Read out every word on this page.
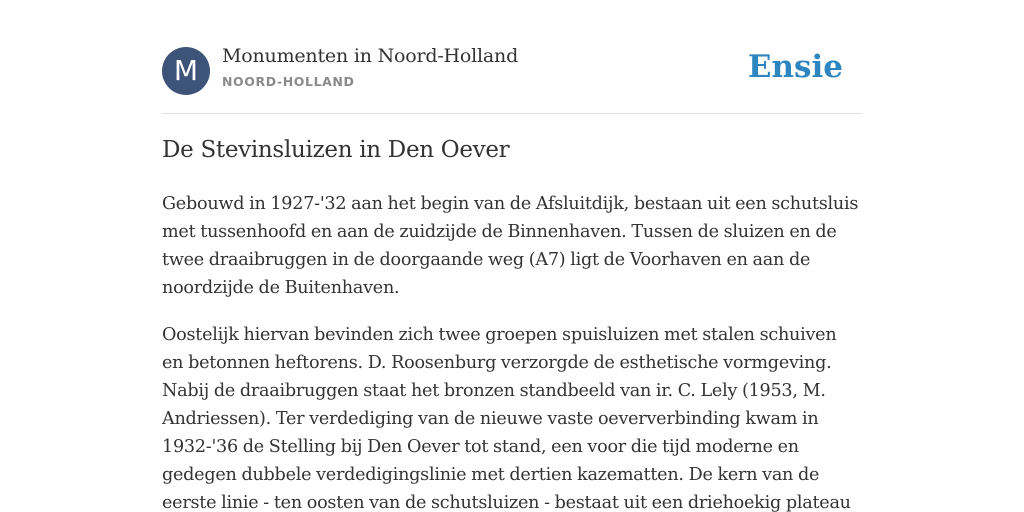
M	Monumenten in Noord-Holland
NOORD-HOLLAND	Ensie
De Stevinsluizen in Den Oever

Gebouwd in 1927-'32 aan het begin van de Afsluitdijk, bestaan uit een schutsluis met tussenhoofd en aan de zuidzijde de Binnenhaven. Tussen de sluizen en de twee draaibruggen in de doorgaande weg (A7) ligt de Voorhaven en aan de noordzijde de Buitenhaven.

Oostelijk hiervan bevinden zich twee groepen spuisluizen met stalen schuiven en betonnen heftorens. D. Roosenburg verzorgde de esthetische vormgeving. Nabij de draaibruggen staat het bronzen standbeeld van ir. C. Lely (1953, M. Andriessen). Ter verdediging van de nieuwe vaste oeververbinding kwam in 1932-'36 de Stelling bij Den Oever tot stand, een voor die tijd moderne en gedegen dubbele verdedigingslinie met dertien kazematten. De kern van de eerste linie - ten oosten van de schutsluizen - bestaat uit een driehoekig plateau
